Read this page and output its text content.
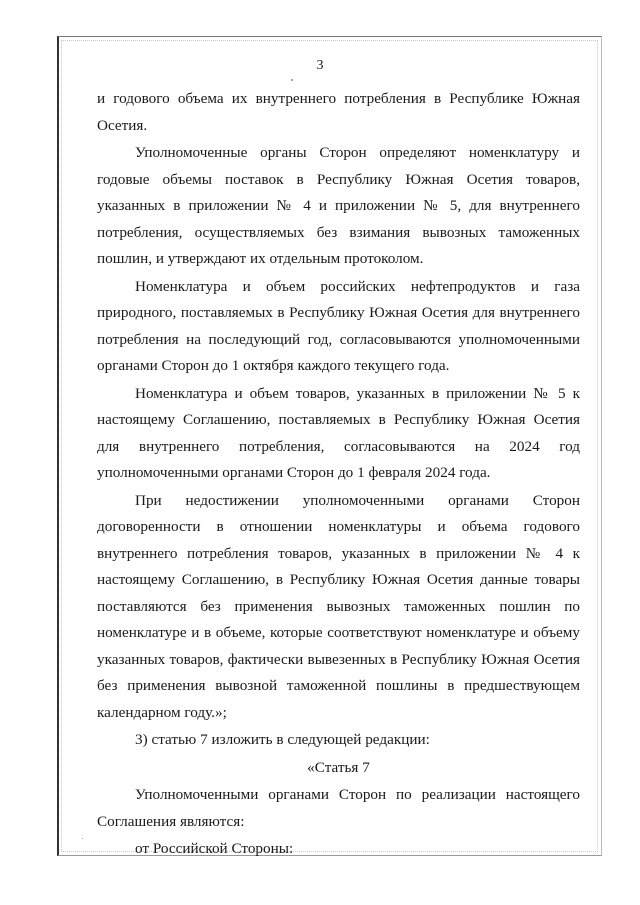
3

и годового объема их внутреннего потребления в Республике Южная Осетия.

Уполномоченные органы Сторон определяют номенклатуру и годовые объемы поставок в Республику Южная Осетия товаров, указанных в приложении № 4 и приложении № 5, для внутреннего потребления, осуществляемых без взимания вывозных таможенных пошлин, и утверждают их отдельным протоколом.

Номенклатура и объем российских нефтепродуктов и газа природного, поставляемых в Республику Южная Осетия для внутреннего потребления на последующий год, согласовываются уполномоченными органами Сторон до 1 октября каждого текущего года.

Номенклатура и объем товаров, указанных в приложении № 5 к настоящему Соглашению, поставляемых в Республику Южная Осетия для внутреннего потребления, согласовываются на 2024 год уполномоченными органами Сторон до 1 февраля 2024 года.

При недостижении уполномоченными органами Сторон договоренности в отношении номенклатуры и объема годового внутреннего потребления товаров, указанных в приложении № 4 к настоящему Соглашению, в Республику Южная Осетия данные товары поставляются без применения вывозных таможенных пошлин по номенклатуре и в объеме, которые соответствуют номенклатуре и объему указанных товаров, фактически вывезенных в Республику Южная Осетия без применения вывозной таможенной пошлины в предшествующем календарном году.»;

3) статью 7 изложить в следующей редакции:

«Статья 7

Уполномоченными органами Сторон по реализации настоящего Соглашения являются:

от Российской Стороны:
